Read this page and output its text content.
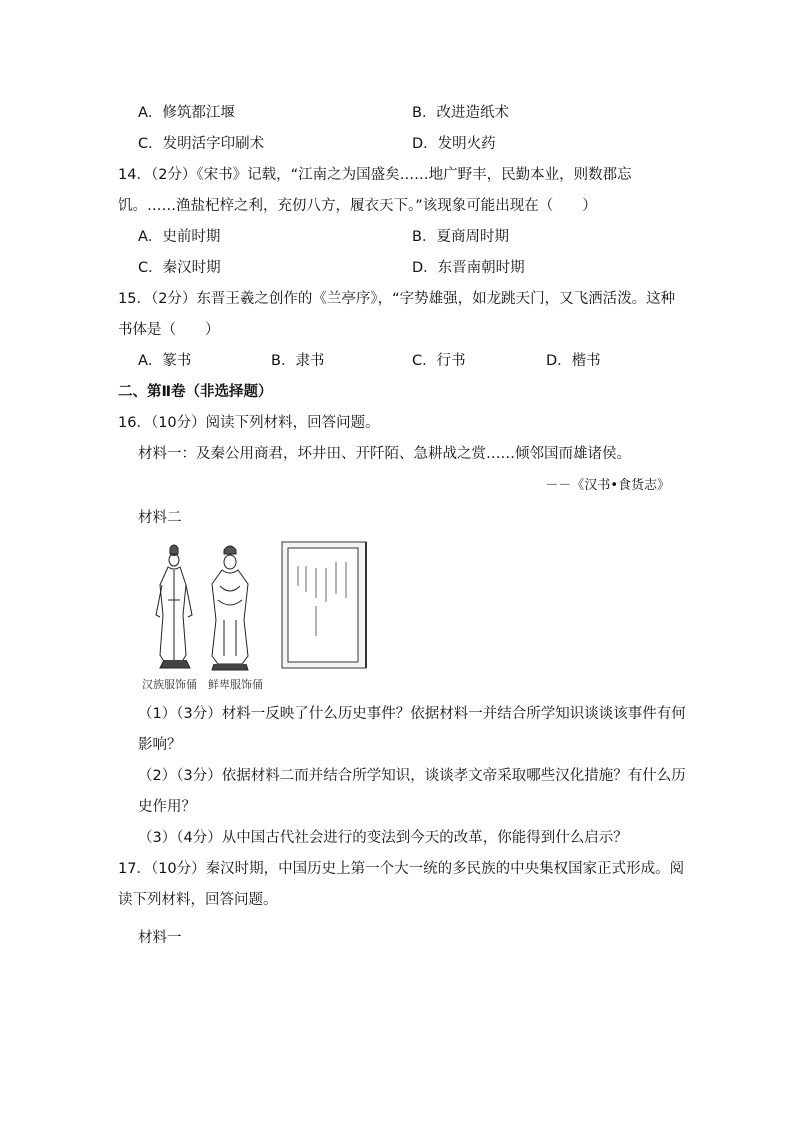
A．修筑都江堰	B．改进造纸术
C．发明活字印刷术	D．发明火药
14．（2分）《宋书》记载，“江南之为国盛矣……地广野丰，民勤本业，则数郡忘
饥。……渔盐杞梓之利，充仞八方，履衣天下。”该现象可能出现在（　　）
A．史前时期	B．夏商周时期
C．秦汉时期	D．东晋南朝时期
15．（2分）东晋王羲之创作的《兰亭序》，“字势雄强，如龙跳天门，又飞洒活泼。这种
书体是（　　）
A．篆书	B．隶书	C．行书	D．楷书
二、第Ⅱ卷（非选择题）
16．（10分）阅读下列材料，回答问题。
材料一：及秦公用商君，坏井田、开阡陌、急耕战之赏……倾邻国而雄诸侯。
－－《汉书•食货志》
材料二
汉族服饰俑　鲜卑服饰俑
（1）（3分）材料一反映了什么历史事件？依据材料一并结合所学知识谈谈该事件有何
影响？
（2）（3分）依据材料二而并结合所学知识，谈谈孝文帝采取哪些汉化措施？有什么历
史作用？
（3）（4分）从中国古代社会进行的变法到今天的改革，你能得到什么启示？
17．（10分）秦汉时期，中国历史上第一个大一统的多民族的中央集权国家正式形成。阅
读下列材料，回答问题。
材料一
